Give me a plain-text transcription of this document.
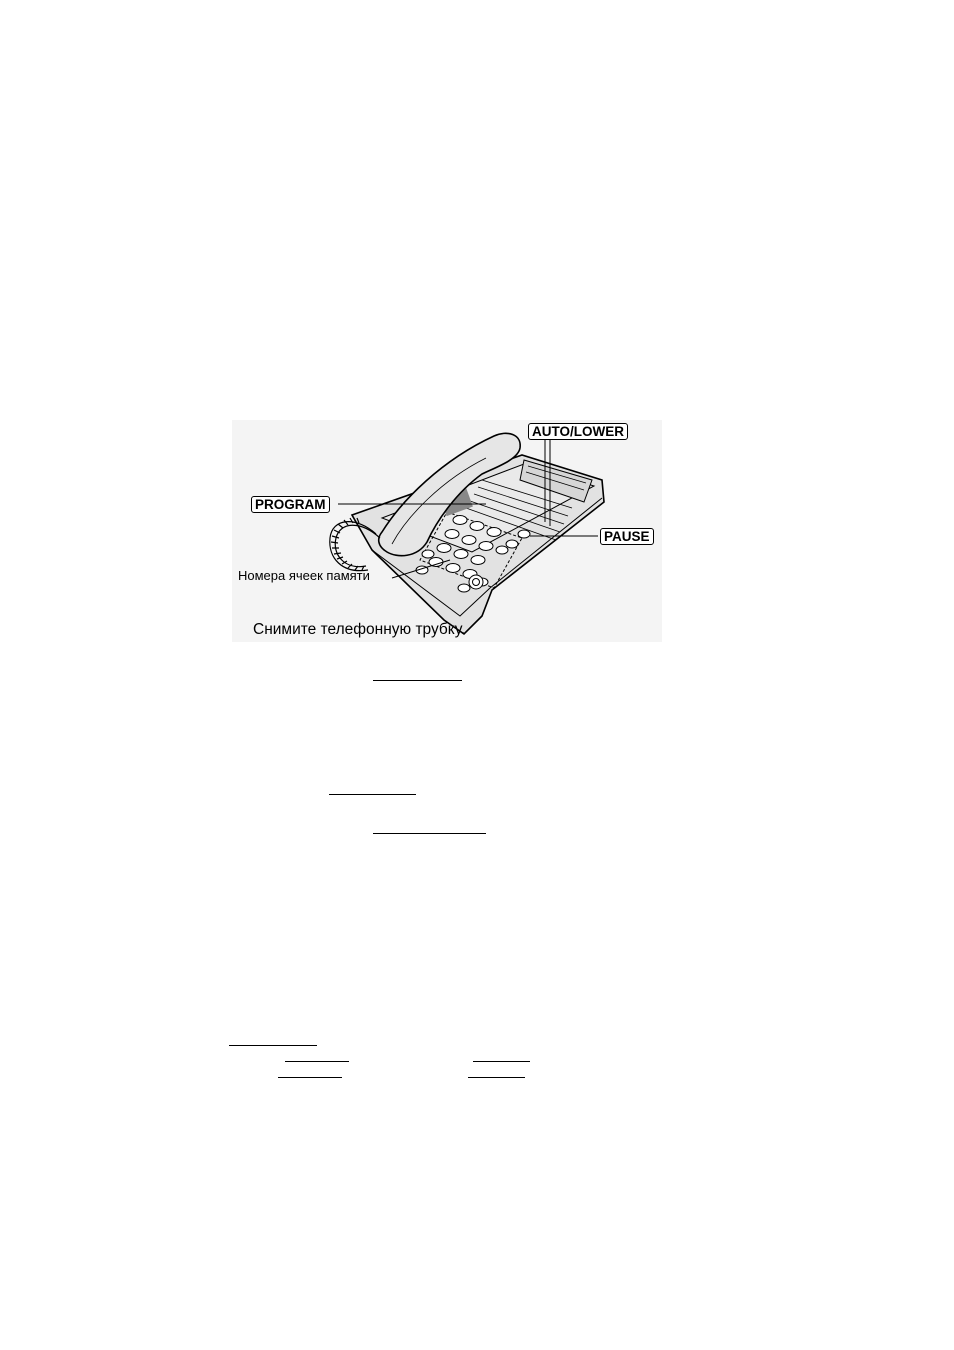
AUTO/LOWER
PROGRAM
PAUSE
Номера ячеек памяти
Снимите телефонную трубку.
